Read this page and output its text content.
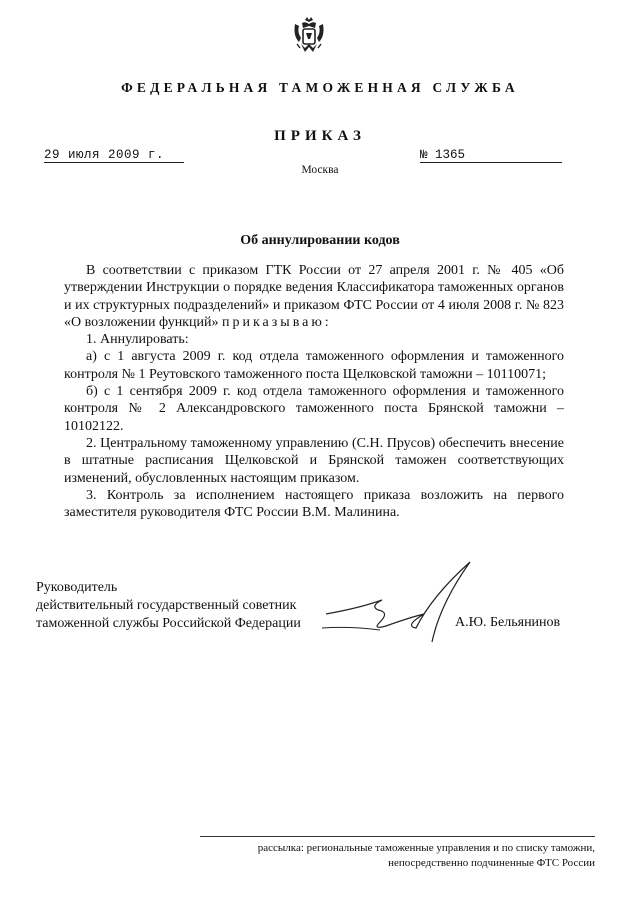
ФЕДЕРАЛЬНАЯ ТАМОЖЕННАЯ СЛУЖБА
ПРИКАЗ
29 июля 2009 г.	№ 1365
Москва
Об аннулировании кодов

В соответствии с приказом ГТК России от 27 апреля 2001 г. № 405 «Об утверждении Инструкции о порядке ведения Классификатора таможенных органов и их структурных подразделений» и приказом ФТС России от 4 июля 2008 г. № 823 «О возложении функций» приказываю:

1. Аннулировать:

а) с 1 августа 2009 г. код отдела таможенного оформления и таможенного контроля № 1 Реутовского таможенного поста Щелковской таможни – 10110071;

б) с 1 сентября 2009 г. код отдела таможенного оформления и таможенного контроля № 2 Александровского таможенного поста Брянской таможни – 10102122.

2. Центральному таможенному управлению (С.Н. Прусов) обеспечить внесение в штатные расписания Щелковской и Брянской таможен соответствующих изменений, обусловленных настоящим приказом.

3. Контроль за исполнением настоящего приказа возложить на первого заместителя руководителя ФТС России В.М. Малинина.

Руководитель
действительный государственный советник
таможенной службы Российской Федерации	А.Ю. Бельянинов
рассылка: региональные таможенные управления и по списку таможни,
непосредственно подчиненные ФТС России
